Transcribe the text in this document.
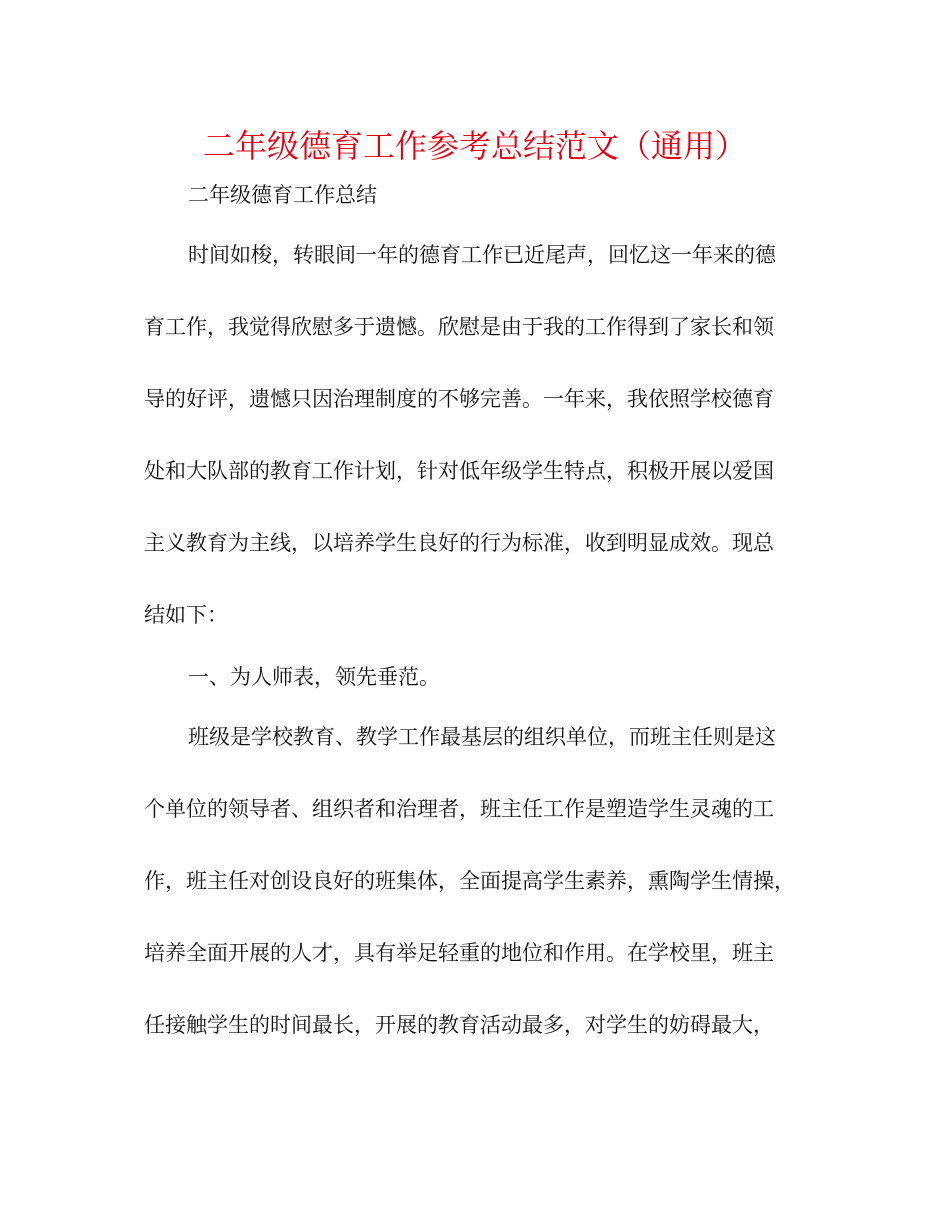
二年级德育工作参考总结范文（通用）
二年级德育工作总结
时间如梭，转眼间一年的德育工作已近尾声，回忆这一年来的德
育工作，我觉得欣慰多于遗憾。欣慰是由于我的工作得到了家长和领
导的好评，遗憾只因治理制度的不够完善。一年来，我依照学校德育
处和大队部的教育工作计划，针对低年级学生特点，积极开展以爱国
主义教育为主线，以培养学生良好的行为标准，收到明显成效。现总
结如下：
一、为人师表，领先垂范。
班级是学校教育、教学工作最基层的组织单位，而班主任则是这
个单位的领导者、组织者和治理者，班主任工作是塑造学生灵魂的工
作，班主任对创设良好的班集体，全面提高学生素养，熏陶学生情操，
培养全面开展的人才，具有举足轻重的地位和作用。在学校里，班主
任接触学生的时间最长，开展的教育活动最多，对学生的妨碍最大，
